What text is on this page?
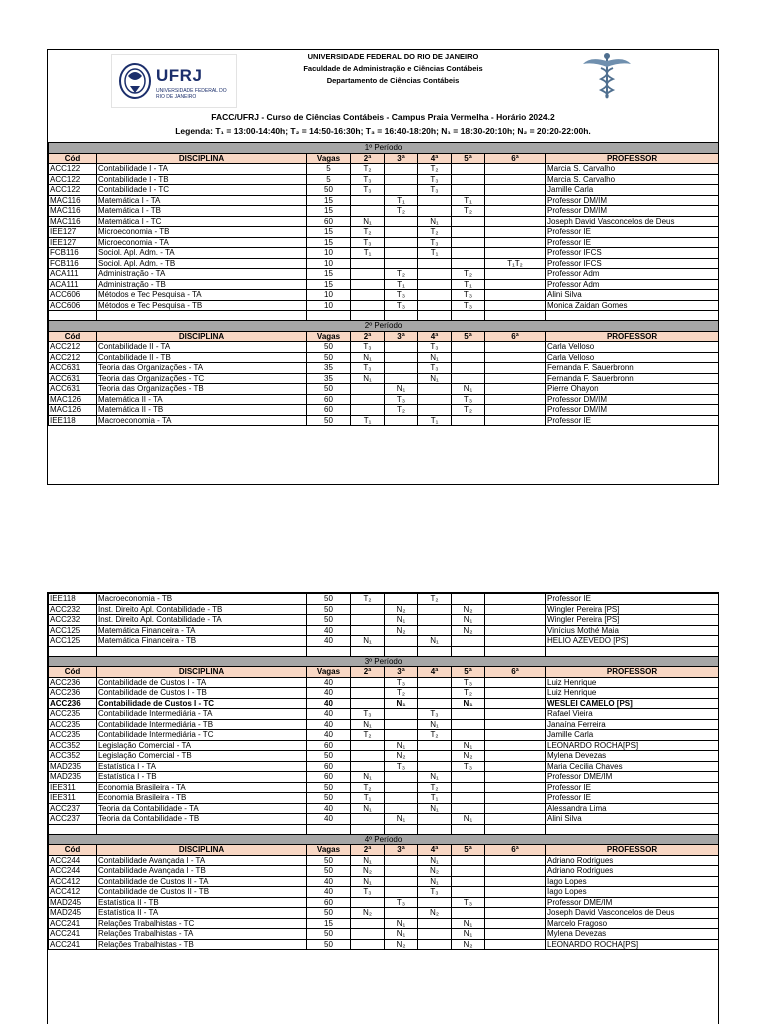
UFRJ
UNIVERSIDADE FEDERAL DO RIO DE JANEIRO
UNIVERSIDADE FEDERAL DO RIO DE JANEIRO
Faculdade de Administração e Ciências Contábeis
Departamento de Ciências Contábeis
FACC/UFRJ - Curso de Ciências Contábeis - Campus Praia Vermelha - Horário 2024.2
Legenda: T₁ = 13:00-14:40h; T₂ = 14:50-16:30h; T₃ = 16:40-18:20h; N₁ = 18:30-20:10h; N₂ = 20:20-22:00h.
1º Período								
Cód	DISCIPLINA	Vagas	2ª	3ª	4ª	5ª	6ª	PROFESSOR
ACC122	Contabilidade I - TA	5	T₂		T₂			Marcia S. Carvalho
ACC122	Contabilidade I - TB	5	T₃		T₃			Marcia S. Carvalho
ACC122	Contabilidade I - TC	50	T₃		T₃			Jamille Carla
MAC116	Matemática I - TA	15		T₁		T₁		Professor DM/IM
MAC116	Matemática I - TB	15		T₂		T₂		Professor DM/IM
MAC116	Matemática I - TC	60	N₁		N₁			Joseph David Vasconcelos de Deus
IEE127	Microeconomia - TB	15	T₂		T₂			Professor IE
IEE127	Microeconomia - TA	15	T₃		T₃			Professor IE
FCB116	Sociol. Apl. Adm. - TA	10	T₁		T₁			Professor IFCS
FCB116	Sociol. Apl. Adm. - TB	10					T₁T₂	Professor IFCS
ACA111	Administração - TA	15		T₂		T₂		Professor Adm
ACA111	Administração - TB	15		T₁		T₁		Professor Adm
ACC606	Métodos e Tec Pesquisa - TA	10		T₃		T₃		Alini Silva
ACC606	Métodos e Tec Pesquisa - TB	10		T₃		T₃		Monica Zaidan Gomes

2º Período								
Cód	DISCIPLINA	Vagas	2ª	3ª	4ª	5ª	6ª	PROFESSOR
ACC212	Contabilidade II - TA	50	T₃		T₃			Carla Velloso
ACC212	Contabilidade II - TB	50	N₁		N₁			Carla Velloso
ACC631	Teoria das Organizações - TA	35	T₃		T₃			Fernanda F. Sauerbronn
ACC631	Teoria das Organizações - TC	35	N₁		N₁			Fernanda F. Sauerbronn
ACC631	Teoria das Organizações - TB	50		N₁		N₁		Pierre Ohayon
MAC126	Matemática II - TA	60		T₃		T₃		Professor DM/IM
MAC126	Matemática II - TB	60		T₂		T₂		Professor DM/IM
IEE118	Macroeconomia - TA	50	T₁		T₁			Professor IE
IEE118	Macroeconomia - TB	50	T₂		T₂			Professor IE
ACC232	Inst. Direito Apl. Contabilidade - TB	50		N₂		N₂		Wingler Pereira [PS]
ACC232	Inst. Direito Apl. Contabilidade - TA	50		N₁		N₁		Wingler Pereira [PS]
ACC125	Matemática Financeira - TA	40		N₂		N₂		Vinícius Mothé Maia
ACC125	Matemática Financeira - TB	40	N₁		N₁			HELIO AZEVEDO [PS]

3º Período								
Cód	DISCIPLINA	Vagas	2ª	3ª	4ª	5ª	6ª	PROFESSOR
ACC236	Contabilidade de Custos I - TA	40		T₃		T₃		Luiz Henrique
ACC236	Contabilidade de Custos I - TB	40		T₂		T₂		Luiz Henrique
ACC236	Contabilidade de Custos I - TC	40		N₁		N₁		WESLEI CAMELO [PS]
ACC235	Contabilidade Intermediária - TA	40	T₃		T₃			Rafael Vieira
ACC235	Contabilidade Intermediária - TB	40	N₁		N₁			Janaína Ferreira
ACC235	Contabilidade Intermediária - TC	40	T₂		T₂			Jamille Carla
ACC352	Legislação Comercial - TA	60		N₁		N₁		LEONARDO ROCHA[PS]
ACC352	Legislação Comercial - TB	50		N₂		N₂		Mylena Devezas
MAD235	Estatística I - TA	60		T₃		T₃		Maria Cecilia Chaves
MAD235	Estatística I - TB	60	N₁		N₁			Professor DME/IM
IEE311	Economia Brasileira - TA	50	T₂		T₂			Professor IE
IEE311	Economia Brasileira - TB	50	T₁		T₁			Professor IE
ACC237	Teoria da Contabilidade - TA	40	N₁		N₁			Alessandra Lima
ACC237	Teoria da Contabilidade - TB	40		N₁		N₁		Alini Silva

4º Período								
Cód	DISCIPLINA	Vagas	2ª	3ª	4ª	5ª	6ª	PROFESSOR
ACC244	Contabilidade Avançada I - TA	50	N₁		N₁			Adriano Rodrigues
ACC244	Contabilidade Avançada I - TB	50	N₂		N₂			Adriano Rodrigues
ACC412	Contabilidade de Custos II - TA	40	N₁		N₁			Iago Lopes
ACC412	Contabilidade de Custos II - TB	40	T₃		T₃			Iago Lopes
MAD245	Estatística II - TB	60		T₃		T₃		Professor DME/IM
MAD245	Estatística II - TA	50	N₂		N₂			Joseph David Vasconcelos de Deus
ACC241	Relações Trabalhistas - TC	15		N₁		N₁		Marcelo Fragoso
ACC241	Relações Trabalhistas - TA	50		N₁		N₁		Mylena Devezas
ACC241	Relações Trabalhistas - TB	50		N₂		N₂		LEONARDO ROCHA[PS]
